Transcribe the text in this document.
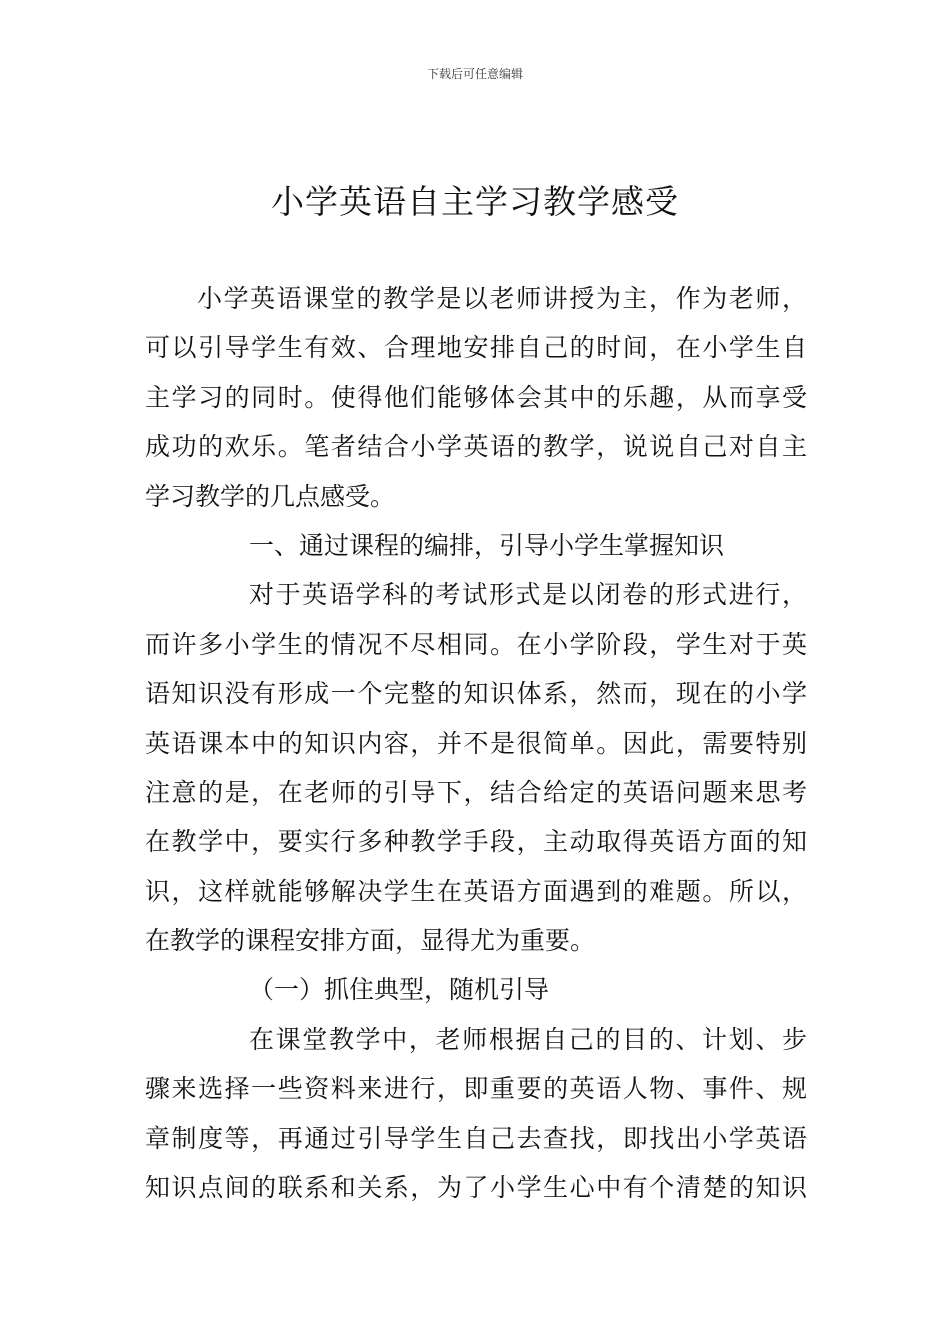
下载后可任意编辑
小学英语自主学习教学感受
小学英语课堂的教学是以老师讲授为主，作为老师，
可以引导学生有效、合理地安排自己的时间，在小学生自
主学习的同时。使得他们能够体会其中的乐趣，从而享受
成功的欢乐。笔者结合小学英语的教学，说说自己对自主
学习教学的几点感受。
一、通过课程的编排，引导小学生掌握知识
对于英语学科的考试形式是以闭卷的形式进行，
而许多小学生的情况不尽相同。在小学阶段，学生对于英
语知识没有形成一个完整的知识体系，然而，现在的小学
英语课本中的知识内容，并不是很简单。因此，需要特别
注意的是，在老师的引导下，结合给定的英语问题来思考
在教学中，要实行多种教学手段，主动取得英语方面的知
识，这样就能够解决学生在英语方面遇到的难题。所以，
在教学的课程安排方面，显得尤为重要。
（一）抓住典型，随机引导
在课堂教学中，老师根据自己的目的、计划、步
骤来选择一些资料来进行，即重要的英语人物、事件、规
章制度等，再通过引导学生自己去查找，即找出小学英语
知识点间的联系和关系，为了小学生心中有个清楚的知识
